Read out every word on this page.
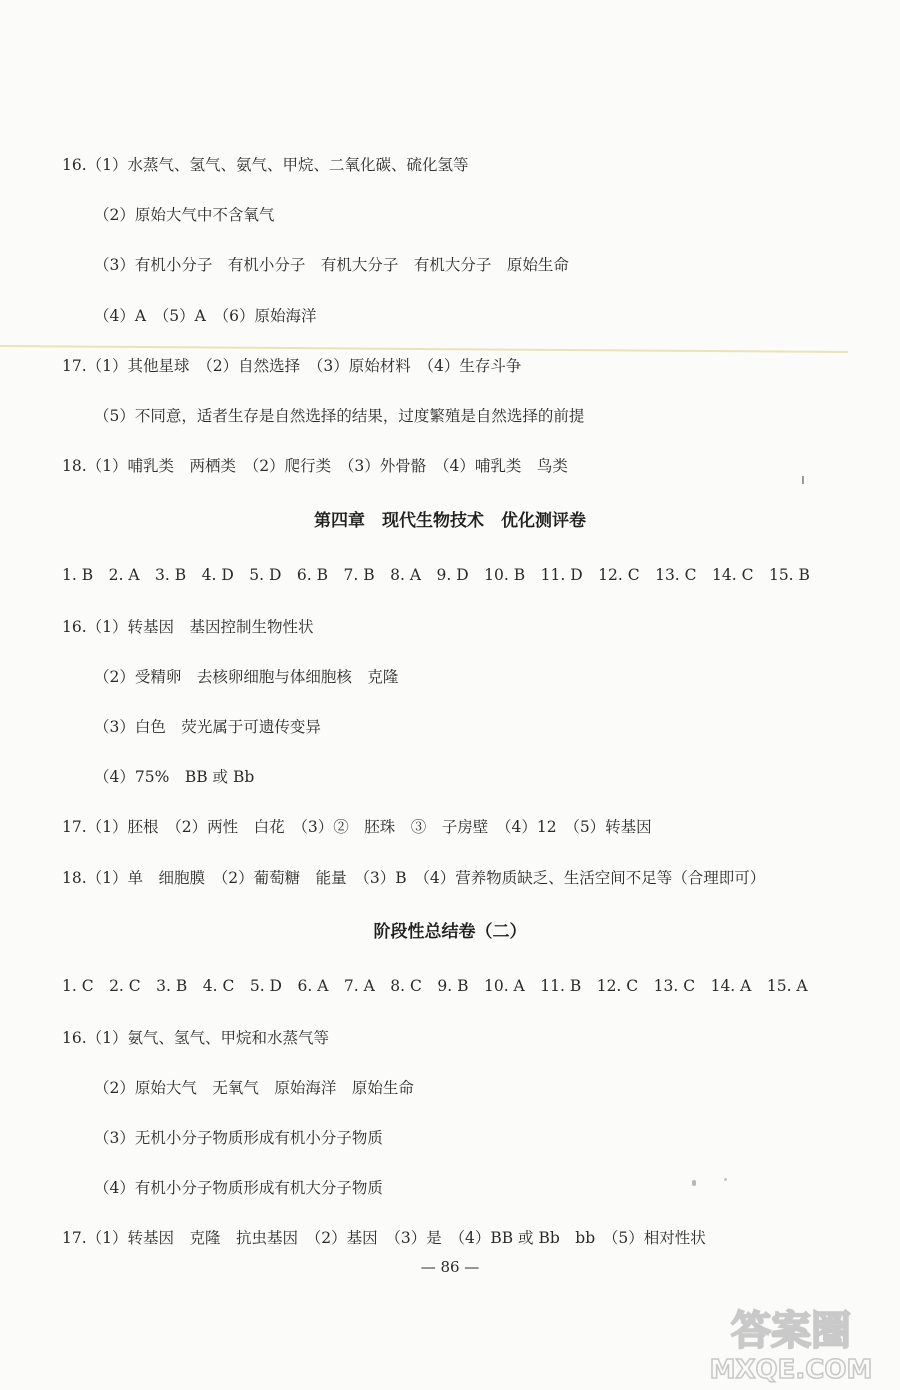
16.（1）水蒸气、氢气、氨气、甲烷、二氧化碳、硫化氢等
（2）原始大气中不含氧气
（3）有机小分子　有机小分子　有机大分子　有机大分子　原始生命
（4）A　（5）A　（6）原始海洋
17.（1）其他星球　（2）自然选择　（3）原始材料　（4）生存斗争
（5）不同意，适者生存是自然选择的结果，过度繁殖是自然选择的前提
18.（1）哺乳类　两栖类　（2）爬行类　（3）外骨骼　（4）哺乳类　鸟类
第四章　现代生物技术　优化测评卷
1. B　2. A　3. B　4. D　5. D　6. B　7. B　8. A　9. D　10. B　11. D　12. C　13. C　14. C　15. B
16.（1）转基因　基因控制生物性状
（2）受精卵　去核卵细胞与体细胞核　克隆
（3）白色　荧光属于可遗传变异
（4）75%　BB 或 Bb
17.（1）胚根　（2）两性　白花　（3）②　胚珠　③　子房壁　（4）12　（5）转基因
18.（1）单　细胞膜　（2）葡萄糖　能量　（3）B　（4）营养物质缺乏、生活空间不足等（合理即可）
阶段性总结卷（二）
1. C　2. C　3. B　4. C　5. D　6. A　7. A　8. C　9. B　10. A　11. B　12. C　13. C　14. A　15. A
16.（1）氨气、氢气、甲烷和水蒸气等
（2）原始大气　无氧气　原始海洋　原始生命
（3）无机小分子物质形成有机小分子物质
（4）有机小分子物质形成有机大分子物质
17.（1）转基因　克隆　抗虫基因　（2）基因　（3）是　（4）BB 或 Bb　bb　（5）相对性状
— 86 —
答案圈
MXQE.COM
